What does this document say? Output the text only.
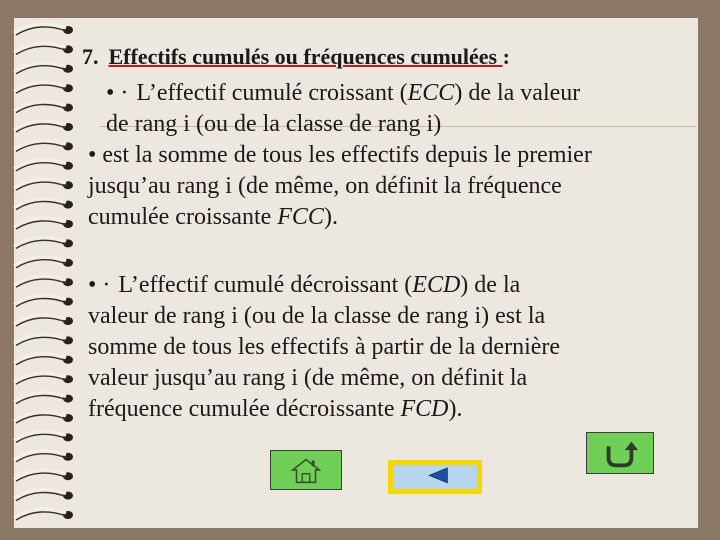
7. Effectifs cumulés ou fréquences cumulées :
• · L’effectif cumulé croissant (ECC) de la valeur
de rang i (ou de la classe de rang i)
• est la somme de tous les effectifs depuis le premier
jusqu’au rang i (de même, on définit la fréquence
cumulée croissante FCC).
• · L’effectif cumulé décroissant (ECD) de la
valeur de rang i (ou de la classe de rang i) est la
somme de tous les effectifs à partir de la dernière
valeur jusqu’au rang i (de même, on définit la
fréquence cumulée décroissante FCD).
